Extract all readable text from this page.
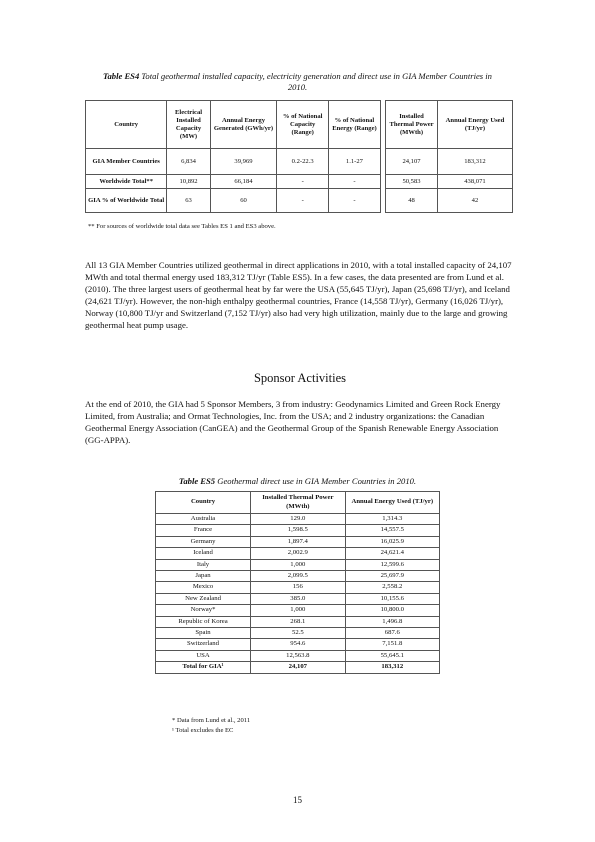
Table ES4 Total geothermal installed capacity, electricity generation and direct use in GIA Member Countries in 2010.
Country	Electrical Installed Capacity (MW)	Annual Energy Generated (GWh/yr)	% of National Capacity (Range)	% of National Energy (Range)		Installed Thermal Power (MWth)	Annual Energy Used (TJ/yr)
GIA Member Countries	6,834	39,969	0.2-22.3	1.1-27		24,107	183,312
Worldwide Total**	10,892	66,184	-	-		50,583	438,071
GIA % of Worldwide Total	63	60	-	-		48	42
** For sources of worldwide total data see Tables ES 1 and ES3 above.
All 13 GIA Member Countries utilized geothermal in direct applications in 2010, with a total installed capacity of 24,107 MWth and total thermal energy used 183,312 TJ/yr (Table ES5). In a few cases, the data presented are from Lund et al. (2010). The three largest users of geothermal heat by far were the USA (55,645 TJ/yr), Japan (25,698 TJ/yr), and Iceland (24,621 TJ/yr). However, the non-high enthalpy geothermal countries, France (14,558 TJ/yr), Germany (16,026 TJ/yr), Norway (10,800 TJ/yr and Switzerland (7,152 TJ/yr) also had very high utilization, mainly due to the large and growing geothermal heat pump usage.
Sponsor Activities
At the end of 2010, the GIA had 5 Sponsor Members, 3 from industry: Geodynamics Limited and Green Rock Energy Limited, from Australia; and Ormat Technologies, Inc. from the USA; and 2 industry organizations: the Canadian Geothermal Energy Association (CanGEA) and the Geothermal Group of the Spanish Renewable Energy Association (GG-APPA).
Table ES5 Geothermal direct use in GIA Member Countries in 2010.
Country	Installed Thermal Power (MWth)	Annual Energy Used (TJ/yr)
Australia	129.0	1,314.3
France	1,598.5	14,557.5
Germany	1,897.4	16,025.9
Iceland	2,002.9	24,621.4
Italy	1,000	12,599.6
Japan	2,099.5	25,697.9
Mexico	156	2,558.2
New Zealand	385.0	10,155.6
Norway*	1,000	10,800.0
Republic of Korea	268.1	1,496.8
Spain	52.5	687.6
Switzerland	954.6	7,151.8
USA	12,563.8	55,645.1
Total for GIA¹	24,107	183,312
* Data from Lund et al., 2011
¹ Total excludes the EC
15
